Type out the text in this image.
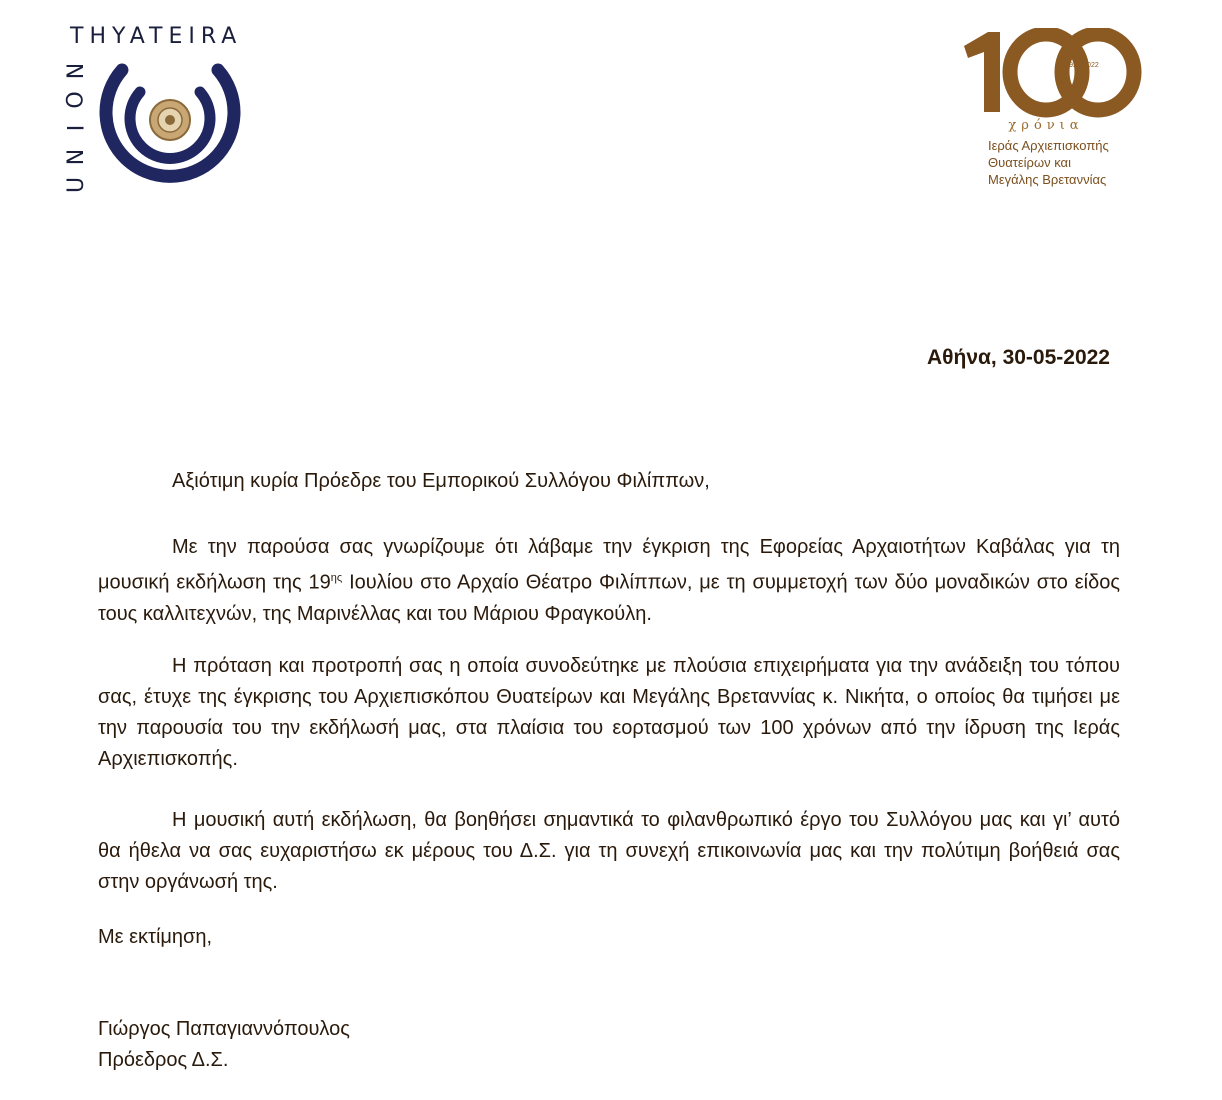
THYATEIRA
N
O
I
N
U
1922-2022
χρόνια
Ιεράς Αρχιεπισκοπής
Θυατείρων και
Μεγάλης Βρεταννίας
Αθήνα, 30-05-2022
Αξιότιμη κυρία Πρόεδρε του Εμπορικού Συλλόγου Φιλίππων,
Με την παρούσα σας γνωρίζουμε ότι λάβαμε την έγκριση της Εφορείας Αρχαιοτήτων Καβάλας για τη μουσική εκδήλωση της $19^{\eta\varsigma}$ Ιουλίου στο Αρχαίο Θέατρο Φιλίππων, με τη συμμετοχή των δύο μοναδικών στο είδος τους καλλιτεχνών, της Μαρινέλλας και του Μάριου Φραγκούλη.
Η πρόταση και προτροπή σας η οποία συνοδεύτηκε με πλούσια επιχειρήματα για την ανάδειξη του τόπου σας, έτυχε της έγκρισης του Αρχιεπισκόπου Θυατείρων και Μεγάλης Βρεταννίας κ. Νικήτα, ο οποίος θα τιμήσει με την παρουσία του την εκδήλωσή μας, στα πλαίσια του εορτασμού των 100 χρόνων από την ίδρυση της Ιεράς Αρχιεπισκοπής.
Η μουσική αυτή εκδήλωση, θα βοηθήσει σημαντικά το φιλανθρωπικό έργο του Συλλόγου μας και γι’ αυτό θα ήθελα να σας ευχαριστήσω εκ μέρους του Δ.Σ. για τη συνεχή επικοινωνία μας και την πολύτιμη βοήθειά σας στην οργάνωσή της.
Με εκτίμηση,
Γιώργος Παπαγιαννόπουλος
Πρόεδρος Δ.Σ.
